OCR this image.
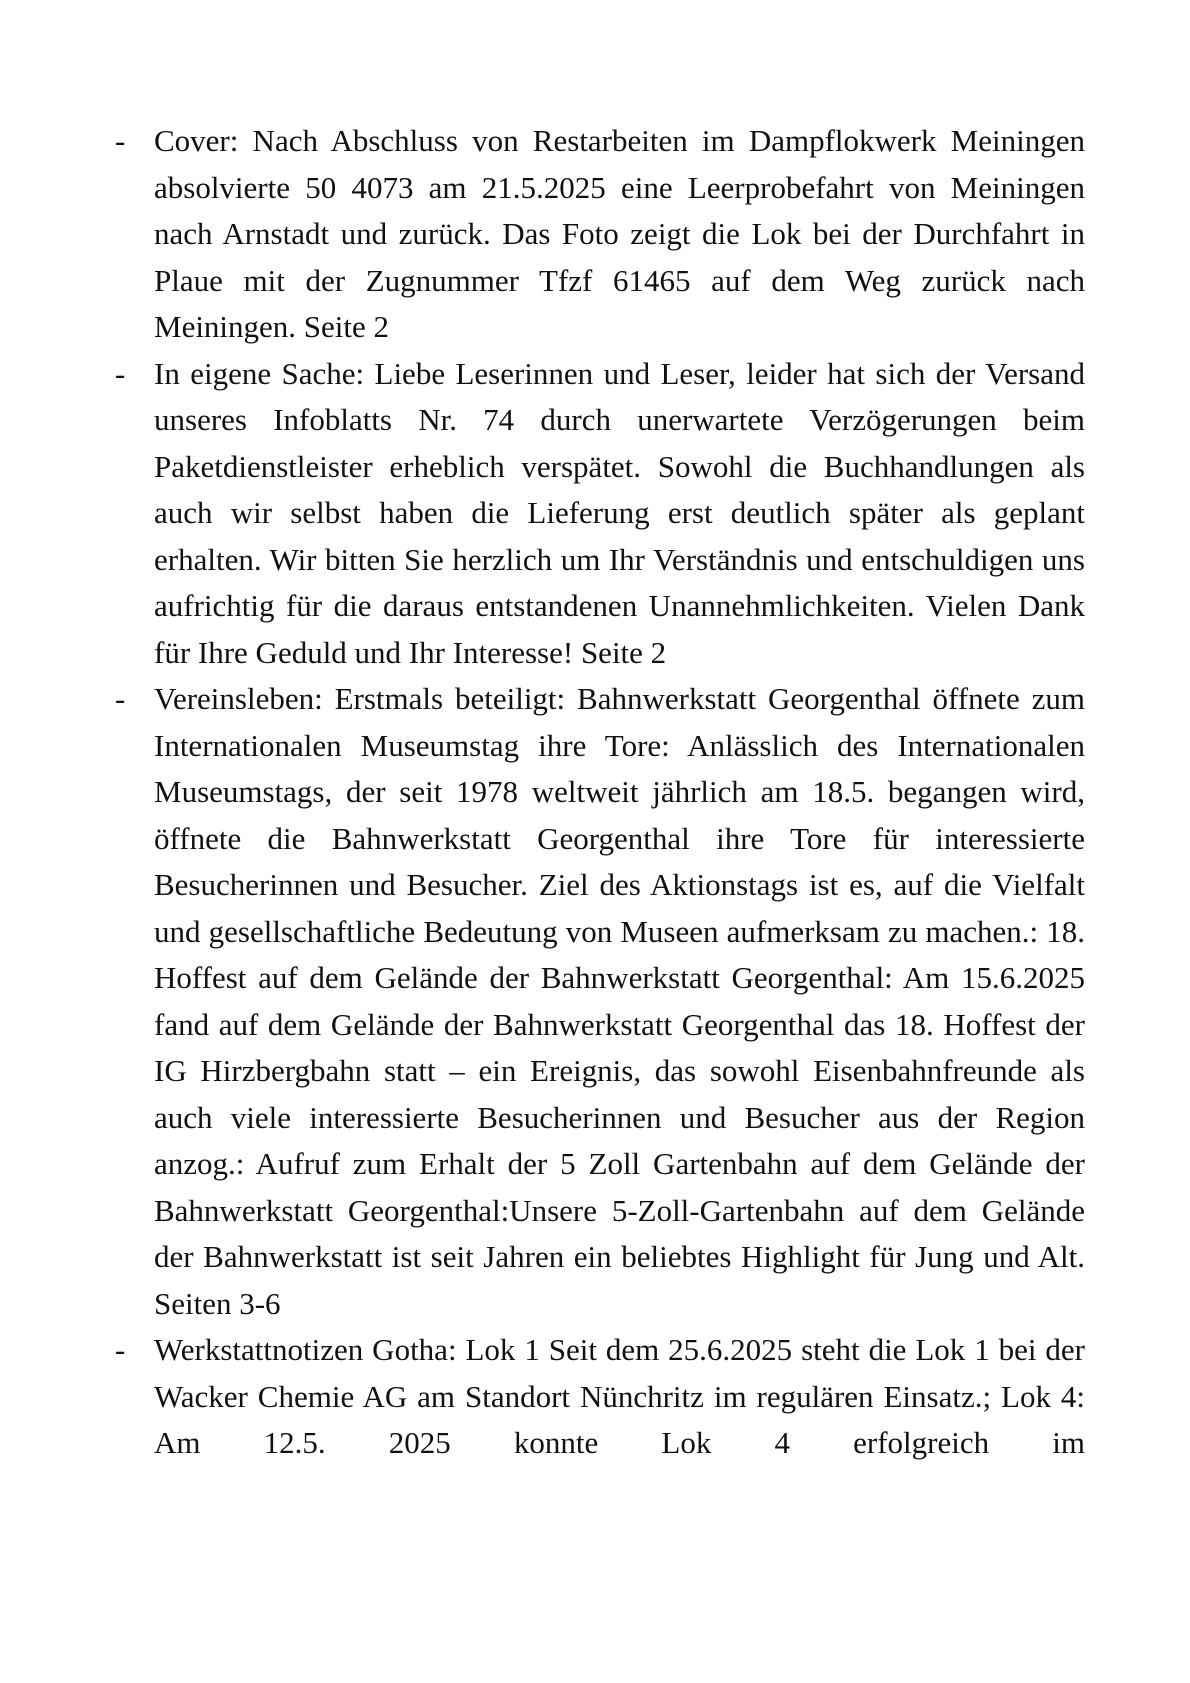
- Cover: Nach Abschluss von Restarbeiten im Dampflokwerk Meiningen absolvierte 50 4073 am 21.5.2025 eine Leerprobefahrt von Meiningen nach Arnstadt und zurück. Das Foto zeigt die Lok bei der Durchfahrt in Plaue mit der Zugnummer Tfzf 61465 auf dem Weg zurück nach Meiningen. Seite 2
- In eigene Sache: Liebe Leserinnen und Leser, leider hat sich der Versand unseres Infoblatts Nr. 74 durch unerwartete Verzögerungen beim Paketdienstleister erheblich verspätet. Sowohl die Buchhandlungen als auch wir selbst haben die Lieferung erst deutlich später als geplant erhalten. Wir bitten Sie herzlich um Ihr Verständnis und entschuldigen uns aufrichtig für die daraus entstandenen Unannehmlichkeiten. Vielen Dank für Ihre Geduld und Ihr Interesse! Seite 2
- Vereinsleben: Erstmals beteiligt: Bahnwerkstatt Georgenthal öffnete zum Internationalen Museumstag ihre Tore: Anlässlich des Internationalen Museumstags, der seit 1978 weltweit jährlich am 18.5. begangen wird, öffnete die Bahnwerkstatt Georgenthal ihre Tore für interessierte Besucherinnen und Besucher. Ziel des Aktionstags ist es, auf die Vielfalt und gesellschaftliche Bedeutung von Museen aufmerksam zu machen.: 18. Hoffest auf dem Gelände der Bahnwerkstatt Georgenthal: Am 15.6.2025 fand auf dem Gelände der Bahnwerkstatt Georgenthal das 18. Hoffest der IG Hirzbergbahn statt – ein Ereignis, das sowohl Eisenbahnfreunde als auch viele interessierte Besucherinnen und Besucher aus der Region anzog.: Aufruf zum Erhalt der 5 Zoll Gartenbahn auf dem Gelände der Bahnwerkstatt Georgenthal:Unsere 5-Zoll-Gartenbahn auf dem Gelände der Bahnwerkstatt ist seit Jahren ein beliebtes Highlight für Jung und Alt. Seiten 3-6
- Werkstattnotizen Gotha: Lok 1 Seit dem 25.6.2025 steht die Lok 1 bei der Wacker Chemie AG am Standort Nünchritz im regulären Einsatz.; Lok 4: Am 12.5. 2025 konnte Lok 4 erfolgreich im
